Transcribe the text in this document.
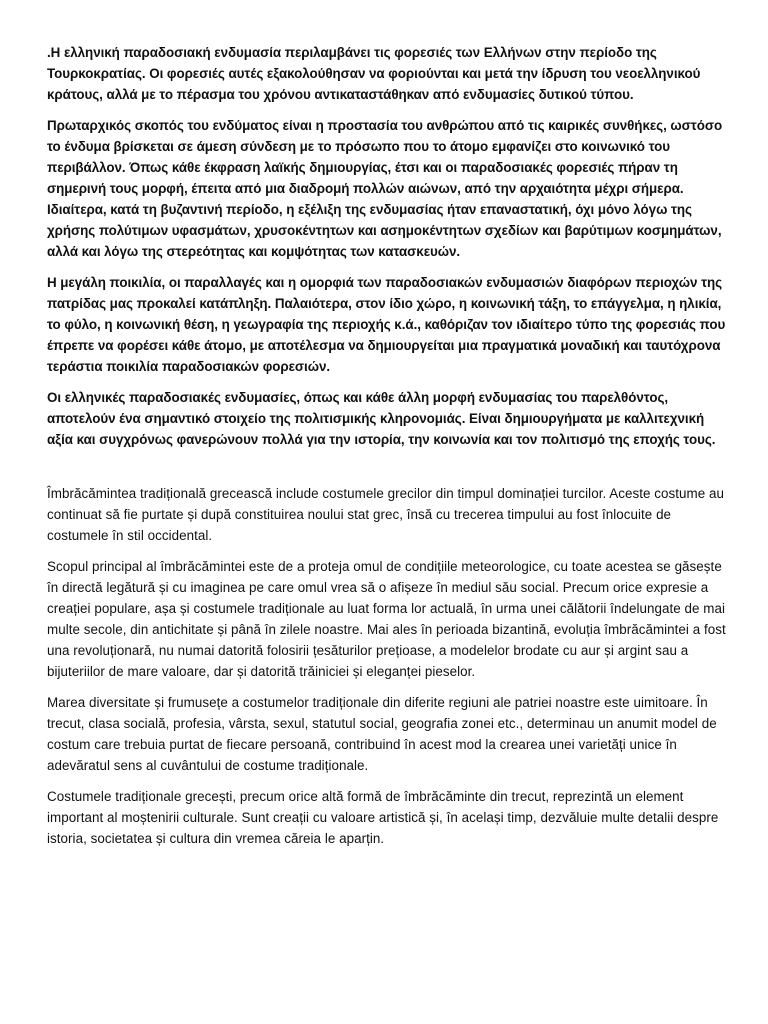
.Η ελληνική παραδοσιακή ενδυμασία περιλαμβάνει τις φορεσιές των Ελλήνων στην περίοδο της Τουρκοκρατίας. Οι φορεσιές αυτές εξακολούθησαν να φοριούνται και μετά την ίδρυση του νεοελληνικού κράτους, αλλά με το πέρασμα του χρόνου αντικαταστάθηκαν από ενδυμασίες δυτικού τύπου.

Πρωταρχικός σκοπός του ενδύματος είναι η προστασία του ανθρώπου από τις καιρικές συνθήκες, ωστόσο το ένδυμα βρίσκεται σε άμεση σύνδεση με το πρόσωπο που το άτομο εμφανίζει στο κοινωνικό του περιβάλλον. Όπως κάθε έκφραση λαϊκής δημιουργίας, έτσι και οι παραδοσιακές φορεσιές πήραν τη σημερινή τους μορφή, έπειτα από μια διαδρομή πολλών αιώνων, από την αρχαιότητα μέχρι σήμερα. Ιδιαίτερα, κατά τη βυζαντινή περίοδο, η εξέλιξη της ενδυμασίας ήταν επαναστατική, όχι μόνο λόγω της χρήσης πολύτιμων υφασμάτων, χρυσοκέντητων και ασημοκέντητων σχεδίων και βαρύτιμων κοσμημάτων, αλλά και λόγω της στερεότητας και κομψότητας των κατασκευών.

Η μεγάλη ποικιλία, οι παραλλαγές και η ομορφιά των παραδοσιακών ενδυμασιών διαφόρων περιοχών της πατρίδας μας προκαλεί κατάπληξη. Παλαιότερα, στον ίδιο χώρο, η κοινωνική τάξη, το επάγγελμα, η ηλικία, το φύλο, η κοινωνική θέση, η γεωγραφία της περιοχής κ.ά., καθόριζαν τον ιδιαίτερο τύπο της φορεσιάς που έπρεπε να φορέσει κάθε άτομο, με αποτέλεσμα να δημιουργείται μια πραγματικά μοναδική και ταυτόχρονα τεράστια ποικιλία παραδοσιακών φορεσιών.

Οι ελληνικές παραδοσιακές ενδυμασίες, όπως και κάθε άλλη μορφή ενδυμασίας του παρελθόντος, αποτελούν ένα σημαντικό στοιχείο της πολιτισμικής κληρονομιάς. Είναι δημιουργήματα με καλλιτεχνική αξία και συγχρόνως φανερώνουν πολλά για την ιστορία, την κοινωνία και τον πολιτισμό της εποχής τους.

Îmbrăcămintea tradițională grecească include costumele grecilor din timpul dominației turcilor. Aceste costume au continuat să fie purtate și după constituirea noului stat grec, însă cu trecerea timpului au fost înlocuite de costumele în stil occidental.

Scopul principal al îmbrăcămintei este de a proteja omul de condițiile meteorologice, cu toate acestea se găsește în directă legătură și cu imaginea pe care omul vrea să o afișeze în mediul său social. Precum orice expresie a creației populare, așa și costumele tradiționale au luat forma lor actuală, în urma unei călătorii îndelungate de mai multe secole, din antichitate și până în zilele noastre. Mai ales în perioada bizantină, evoluția îmbrăcămintei a fost una revoluționară, nu numai datorită folosirii țesăturilor prețioase, a modelelor brodate cu aur și argint sau a bijuteriilor de mare valoare, dar și datorită trăiniciei și eleganței pieselor.

Marea diversitate și frumusețe a costumelor tradiționale din diferite regiuni ale patriei noastre este uimitoare. În trecut, clasa socială, profesia, vârsta, sexul, statutul social, geografia zonei etc., determinau un anumit model de costum care trebuia purtat de fiecare persoană, contribuind în acest mod la crearea unei varietăți unice în adevăratul sens al cuvântului de costume tradiționale.

Costumele tradiționale grecești, precum orice altă formă de îmbrăcăminte din trecut, reprezintă un element important al moștenirii culturale. Sunt creații cu valoare artistică și, în același timp, dezvăluie multe detalii despre istoria, societatea și cultura din vremea căreia le aparțin.
